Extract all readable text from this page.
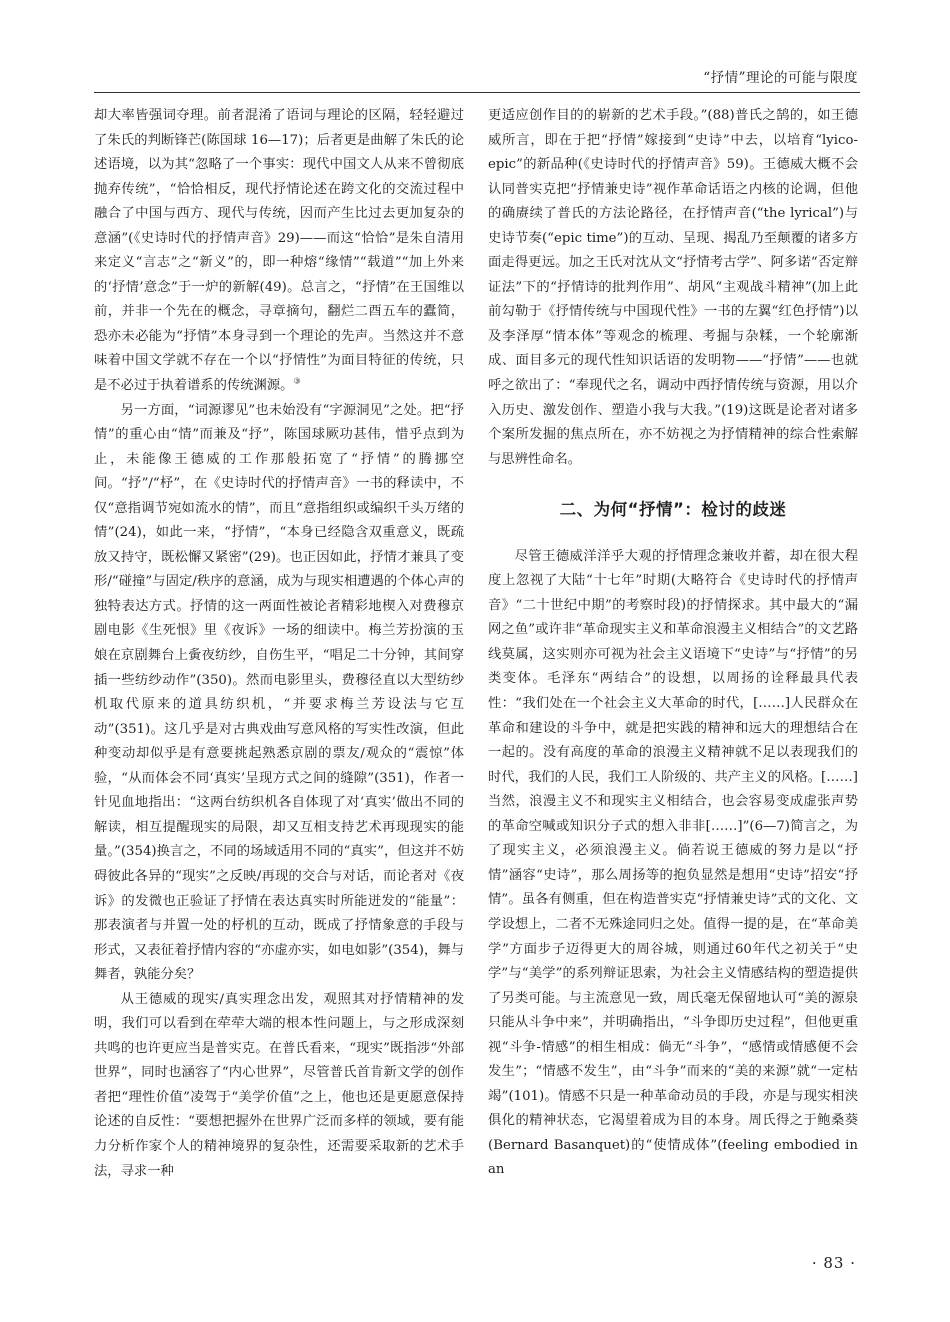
“抒情”理论的可能与限度

却大率皆强词夺理。前者混淆了语词与理论的区隔，轻轻避过了朱氏的判断锋芒(陈国球 16—17)；后者更是曲解了朱氏的论述语境，以为其“忽略了一个事实：现代中国文人从来不曾彻底抛弃传统”，“恰恰相反，现代抒情论述在跨文化的交流过程中融合了中国与西方、现代与传统，因而产生比过去更加复杂的意涵”(《史诗时代的抒情声音》29)——而这“恰恰”是朱自清用来定义“言志”之“新义”的，即一种熔“缘情”“载道”“加上外来的‘抒情’意念”于一炉的新解(49)。总言之，“抒情”在王国维以前，并非一个先在的概念，寻章摘句，翻烂二酉五车的蠹简，恐亦未必能为“抒情”本身寻到一个理论的先声。当然这并不意味着中国文学就不存在一个以“抒情性”为面目特征的传统，只是不必过于执着谱系的传统渊源。③

另一方面，“词源谬见”也未始没有“字源洞见”之处。把“抒情”的重心由“情”而兼及“抒”，陈国球厥功甚伟，惜乎点到为止，未能像王德威的工作那般拓宽了“抒情”的腾挪空间。“抒”/“杼”，在《史诗时代的抒情声音》一书的释读中，不仅“意指调节宛如流水的情”，而且“意指组织或编织千头万绪的情”(24)，如此一来，“抒情”，“本身已经隐含双重意义，既疏放又持守，既松懈又紧密”(29)。也正因如此，抒情才兼具了变形/“碰撞”与固定/秩序的意涵，成为与现实相遭遇的个体心声的独特表达方式。抒情的这一两面性被论者精彩地楔入对费穆京剧电影《生死恨》里《夜诉》一场的细读中。梅兰芳扮演的玉娘在京剧舞台上夤夜纺纱，自伤生平，“唱足二十分钟，其间穿插一些纺纱动作”(350)。然而电影里头，费穆径直以大型纺纱机取代原来的道具纺织机，“并要求梅兰芳设法与它互动”(351)。这几乎是对古典戏曲写意风格的写实性改演，但此种变动却似乎是有意要挑起熟悉京剧的票友/观众的“震惊”体验，“从而体会不同‘真实’呈现方式之间的缝隙”(351)，作者一针见血地指出：“这两台纺织机各自体现了对‘真实’做出不同的解读，相互提醒现实的局限，却又互相支持艺术再现现实的能量。”(354)换言之，不同的场域适用不同的“真实”，但这并不妨碍彼此各异的“现实”之反映/再现的交合与对话，而论者对《夜诉》的发微也正验证了抒情在表达真实时所能迸发的“能量”：那表演者与并置一处的杼机的互动，既成了抒情象意的手段与形式，又表征着抒情内容的“亦虚亦实，如电如影”(354)，舞与舞者，孰能分矣？

从王德威的现实/真实理念出发，观照其对抒情精神的发明，我们可以看到在荦荦大端的根本性问题上，与之形成深刻共鸣的也许更应当是普实克。在普氏看来，“现实”既指涉“外部世界”，同时也涵容了“内心世界”，尽管普氏首肯新文学的创作者把“理性价值”凌驾于“美学价值”之上，他也还是更愿意保持论述的自反性：“要想把握外在世界广泛而多样的领域，要有能力分析作家个人的精神境界的复杂性，还需要采取新的艺术手法，寻求一种

更适应创作目的的崭新的艺术手段。”(88)普氏之鹄的，如王德威所言，即在于把“抒情”嫁接到“史诗”中去，以培育“lyico-epic”的新品种(《史诗时代的抒情声音》59)。王德威大概不会认同普实克把“抒情兼史诗”视作革命话语之内核的论调，但他的确赓续了普氏的方法论路径，在抒情声音(“the lyrical”)与史诗节奏(“epic time”)的互动、呈现、揭乱乃至颠覆的诸多方面走得更远。加之王氏对沈从文“抒情考古学”、阿多诺“否定辩证法”下的“抒情诗的批判作用”、胡风“主观战斗精神”(加上此前勾勒于《抒情传统与中国现代性》一书的左翼“红色抒情”)以及李泽厚“情本体”等观念的梳理、考掘与杂糅，一个轮廓渐成、面目多元的现代性知识话语的发明物——“抒情”——也就呼之欲出了：“奉现代之名，调动中西抒情传统与资源，用以介入历史、激发创作、塑造小我与大我。”(19)这既是论者对诸多个案所发掘的焦点所在，亦不妨视之为抒情精神的综合性索解与思辨性命名。

二、为何“抒情”：检讨的歧迷

尽管王德威洋洋乎大观的抒情理念兼收并蓄，却在很大程度上忽视了大陆“十七年”时期(大略符合《史诗时代的抒情声音》“二十世纪中期”的考察时段)的抒情探求。其中最大的“漏网之鱼”或许非“革命现实主义和革命浪漫主义相结合”的文艺路线莫属，这实则亦可视为社会主义语境下“史诗”与“抒情”的另类变体。毛泽东“两结合”的设想，以周扬的诠释最具代表性：“我们处在一个社会主义大革命的时代，[……]人民群众在革命和建设的斗争中，就是把实践的精神和远大的理想结合在一起的。没有高度的革命的浪漫主义精神就不足以表现我们的时代，我们的人民，我们工人阶级的、共产主义的风格。[……]当然，浪漫主义不和现实主义相结合，也会容易变成虚张声势的革命空喊或知识分子式的想入非非[……]”(6—7)简言之，为了现实主义，必须浪漫主义。倘若说王德威的努力是以“抒情”涵容“史诗”，那么周扬等的抱负显然是想用“史诗”招安“抒情”。虽各有侧重，但在构造普实克“抒情兼史诗”式的文化、文学设想上，二者不无殊途同归之处。值得一提的是，在“革命美学”方面步子迈得更大的周谷城，则通过60年代之初关于“史学”与“美学”的系列辩证思索，为社会主义情感结构的塑造提供了另类可能。与主流意见一致，周氏毫无保留地认可“美的源泉只能从斗争中来”，并明确指出，“斗争即历史过程”，但他更重视“斗争-情感”的相生相成：倘无“斗争”，“感情或情感便不会发生”；“情感不发生”，由“斗争”而来的“美的来源”就“一定枯竭”(101)。情感不只是一种革命动员的手段，亦是与现实相浃俱化的精神状态，它渴望着成为目的本身。周氏得之于鲍桑葵(Bernard Basanquet)的“使情成体”(feeling embodied in an

· 83 ·
